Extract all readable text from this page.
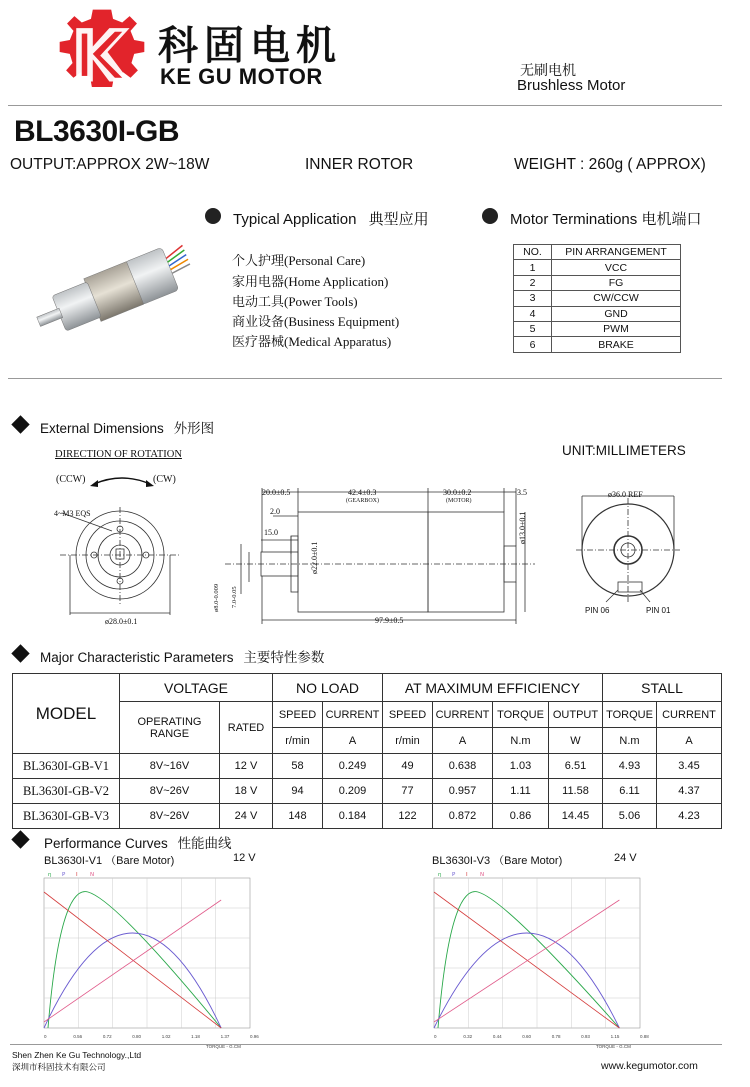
科固电机
KE GU MOTOR	无刷电机
Brushless Motor
BL3630I-GB
OUTPUT:APPROX 2W~18W	INNER ROTOR	WEIGHT : 260g ( APPROX)
Typical Application 典型应用	Motor Terminations 电机端口
个人护理(Personal Care)
家用电器(Home Application)
电动工具(Power Tools)
商业设备(Business Equipment)
医疗器械(Medical Apparatus)
NO.	PIN ARRANGEMENT
1	VCC
2	FG
3	CW/CCW
4	GND
5	PWM
6	BRAKE
External Dimensions 外形图
UNIT:MILLIMETERS
DIRECTION OF ROTATION
(CCW)	(CW)
4~M3 EQS
ø28.0±0.1
20.0±0.5	42.4±0.3
(GEARBOX)
30.0±0.2
(MOTOR)
3.5
2.0
15.0
ø22.0±0.1
ø13.0±0.1
ø8.0-0.009 7.0-0.05
97.9±0.5
ø36.0 REF
PIN 06	PIN 01
Major Characteristic Parameters 主要特性参数
MODEL	VOLTAGE		NO LOAD		AT MAXIMUM EFFICIENCY				STALL	

	OPERATING
RANGE	RATED	SPEED	CURRENT	SPEED	CURRENT	TORQUE	OUTPUT	TORQUE	CURRENT
			r/min	A	r/min	A	N.m	W	N.m	A
BL3630I-GB-V1	8V~16V	12 V	58	0.249	49	0.638	1.03	6.51	4.93	3.45
BL3630I-GB-V2	8V~26V	18 V	94	0.209	77	0.957	1.11	11.58	6.11	4.37
BL3630I-GB-V3	8V~26V	24 V	148	0.184	122	0.872	0.86	14.45	5.06	4.23
Performance Curves 性能曲线
BL3630I-V1 （Bare Motor)	12 V	BL3630I-V3 （Bare Motor)	24 V
0	0.56	0.72	0.80	1.02	1.18	1.37	0.96
TORQUE - G.CM
η P I N
0	0.32	0.44	0.60	0.78	0.93	1.15	0.88
TORQUE - G.CM
η P I N
Shen Zhen Ke Gu Technology.,Ltd
深圳市科固技术有限公司	www.kegumotor.com
